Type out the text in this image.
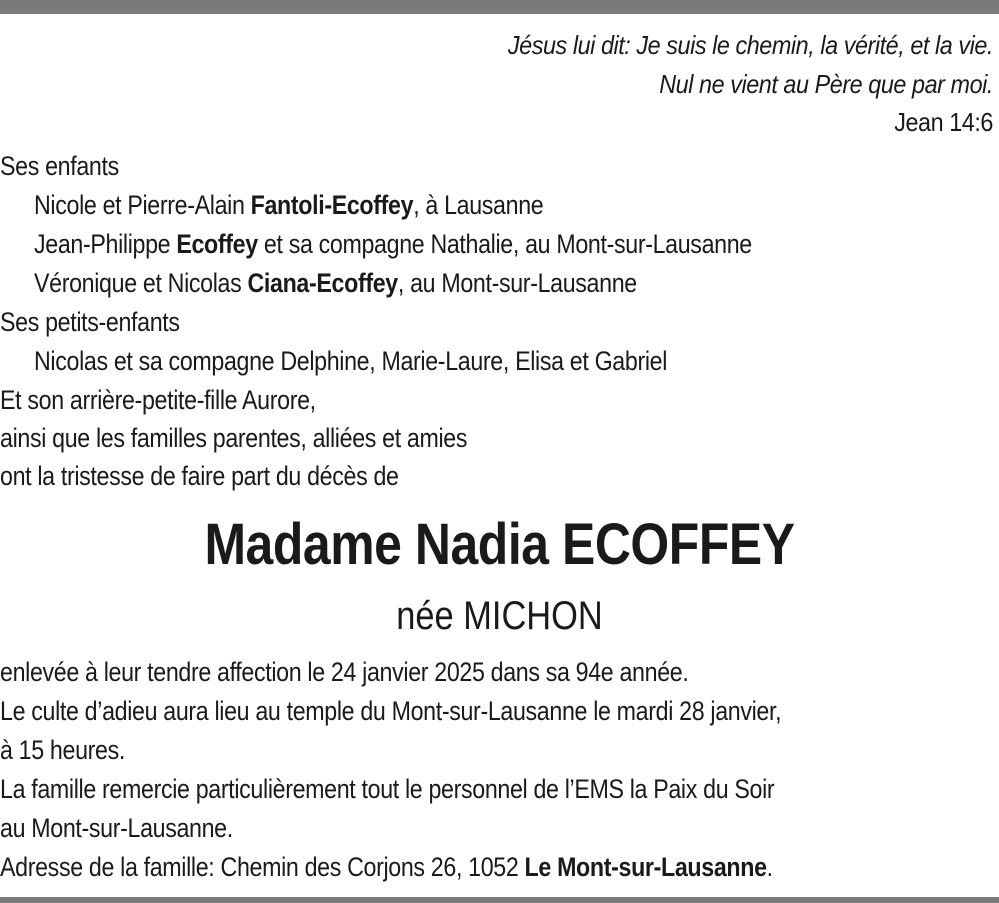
Jésus lui dit: Je suis le chemin, la vérité, et la vie.
Nul ne vient au Père que par moi.
Jean 14:6
Ses enfants
Nicole et Pierre-Alain Fantoli-Ecoffey, à Lausanne
Jean-Philippe Ecoffey et sa compagne Nathalie, au Mont-sur-Lausanne
Véronique et Nicolas Ciana-Ecoffey, au Mont-sur-Lausanne
Ses petits-enfants
Nicolas et sa compagne Delphine, Marie-Laure, Elisa et Gabriel
Et son arrière-petite-fille Aurore,
ainsi que les familles parentes, alliées et amies
ont la tristesse de faire part du décès de
Madame Nadia ECOFFEY
née MICHON
enlevée à leur tendre affection le 24 janvier 2025 dans sa 94e année.
Le culte d’adieu aura lieu au temple du Mont-sur-Lausanne le mardi 28 janvier,
à 15 heures.
La famille remercie particulièrement tout le personnel de l’EMS la Paix du Soir
au Mont-sur-Lausanne.
Adresse de la famille: Chemin des Corjons 26, 1052 Le Mont-sur-Lausanne.
